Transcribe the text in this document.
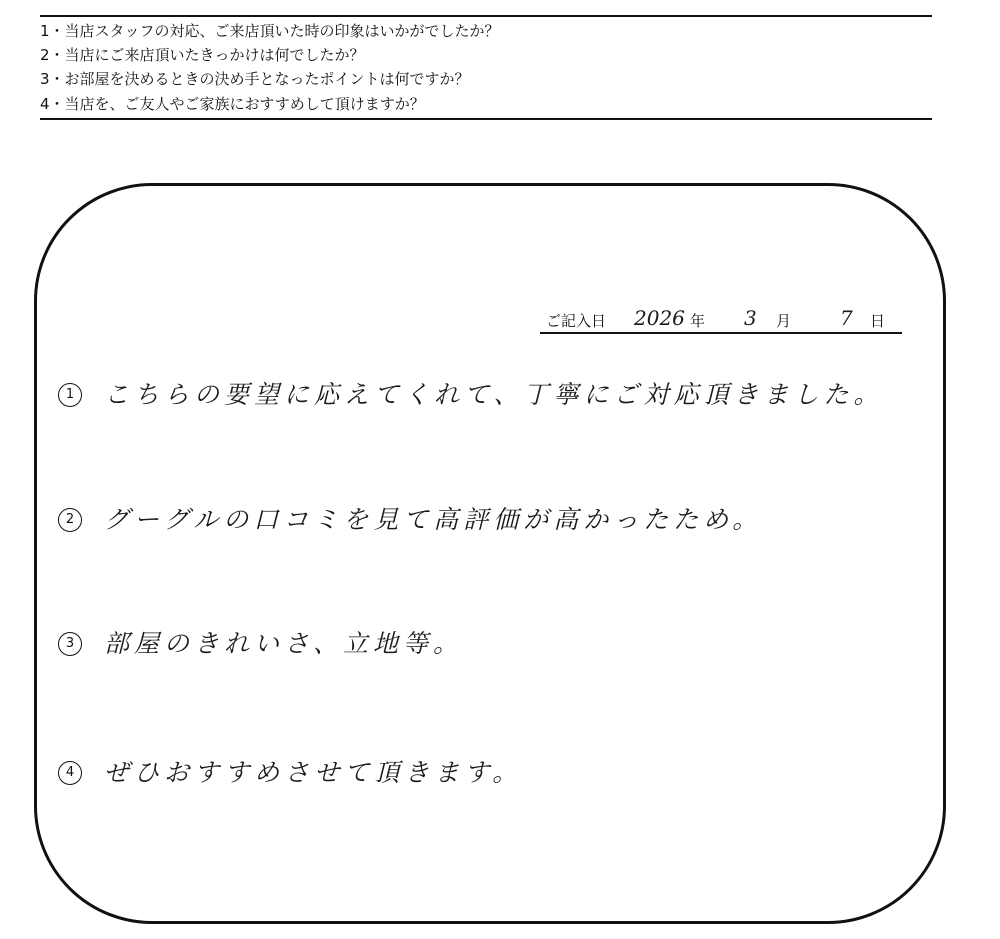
1・当店スタッフの対応、ご来店頂いた時の印象はいかがでしたか？
2・当店にご来店頂いたきっかけは何でしたか？
3・お部屋を決めるときの決め手となったポイントは何ですか？
4・当店を、ご友人やご家族におすすめして頂けますか？
ご記入日 2026 年 3 月 7 日
1	こちらの要望に応えてくれて、丁寧にご対応頂きました。
2	グーグルの口コミを見て高評価が高かったため。
3	部屋のきれいさ、立地等。
4	ぜひおすすめさせて頂きます。
